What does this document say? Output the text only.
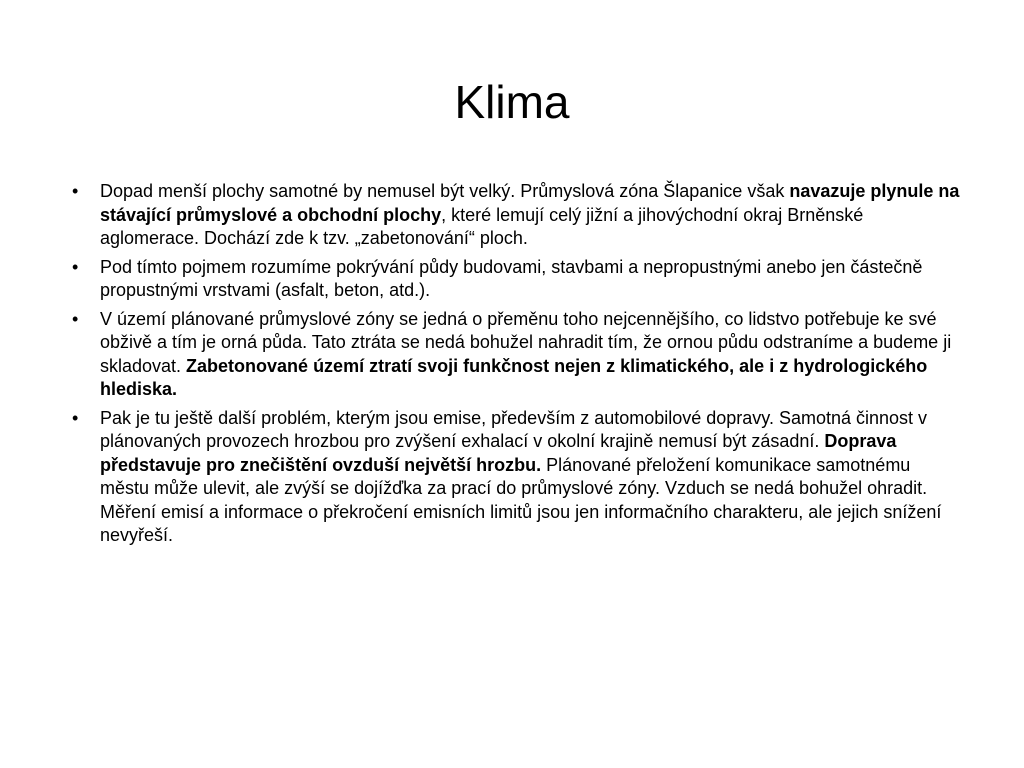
Klima
•	Dopad menší plochy samotné by nemusel být velký. Průmyslová zóna Šlapanice však navazuje plynule na stávající průmyslové a obchodní plochy, které lemují celý jižní a jihovýchodní okraj Brněnské aglomerace. Dochází zde k tzv. „zabetonování“ ploch.
•	Pod tímto pojmem rozumíme pokrývání půdy budovami, stavbami a nepropustnými anebo jen částečně propustnými vrstvami (asfalt, beton, atd.).
•	V území plánované průmyslové zóny se jedná o přeměnu toho nejcennějšího, co lidstvo potřebuje ke své obživě a tím je orná půda. Tato ztráta se nedá bohužel nahradit tím, že ornou půdu odstraníme a budeme ji skladovat. Zabetonované území ztratí svoji funkčnost nejen z klimatického, ale i z hydrologického hlediska.
•	Pak je tu ještě další problém, kterým jsou emise, především z automobilové dopravy. Samotná činnost v plánovaných provozech hrozbou pro zvýšení exhalací v okolní krajině nemusí být zásadní. Doprava představuje pro znečištění ovzduší největší hrozbu. Plánované přeložení komunikace samotnému městu může ulevit, ale zvýší se dojížďka za prací do průmyslové zóny. Vzduch se nedá bohužel ohradit. Měření emisí a informace o překročení emisních limitů jsou jen informačního charakteru, ale jejich snížení nevyřeší.
